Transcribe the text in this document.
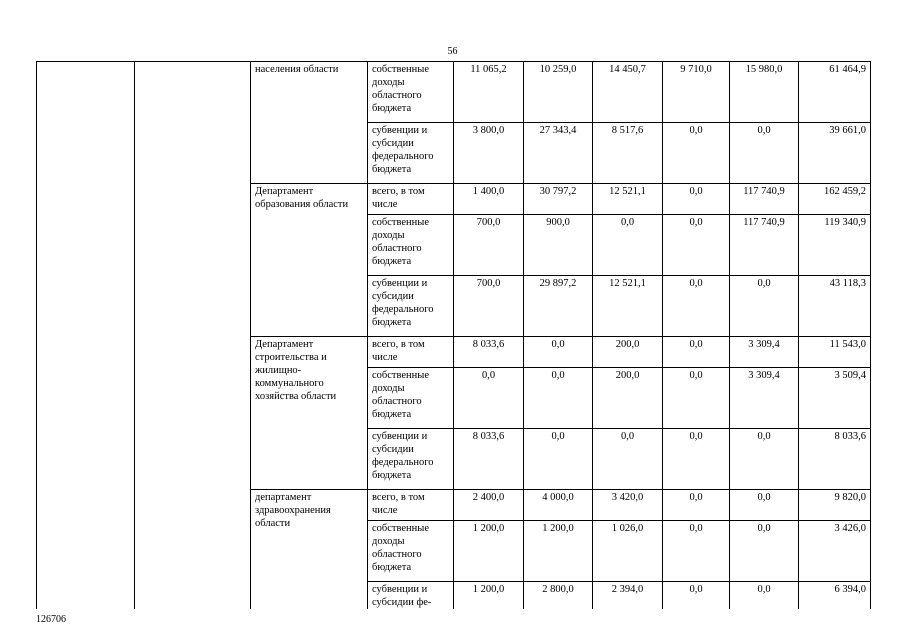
56
		населения области	собственные доходы областного бюджета	11 065,2	10 259,0	14 450,7	9 710,0	15 980,0	61 464,9
			субвенции и субсидии федерального бюджета	3 800,0	27 343,4	8 517,6	0,0	0,0	39 661,0
		Департамент образования области	всего, в том числе	1 400,0	30 797,2	12 521,1	0,0	117 740,9	162 459,2
			собственные доходы областного бюджета	700,0	900,0	0,0	0,0	117 740,9	119 340,9
			субвенции и субсидии федерального бюджета	700,0	29 897,2	12 521,1	0,0	0,0	43 118,3
		Департамент строительства и жилищно-коммунального хозяйства области	всего, в том числе	8 033,6	0,0	200,0	0,0	3 309,4	11 543,0
			собственные доходы областного бюджета	0,0	0,0	200,0	0,0	3 309,4	3 509,4
			субвенции и субсидии федерального бюджета	8 033,6	0,0	0,0	0,0	0,0	8 033,6
		департамент здравоохранения области	всего, в том числе	2 400,0	4 000,0	3 420,0	0,0	0,0	9 820,0
			собственные доходы областного бюджета	1 200,0	1 200,0	1 026,0	0,0	0,0	3 426,0
			субвенции и субсидии фе-	1 200,0	2 800,0	2 394,0	0,0	0,0	6 394,0
126706
